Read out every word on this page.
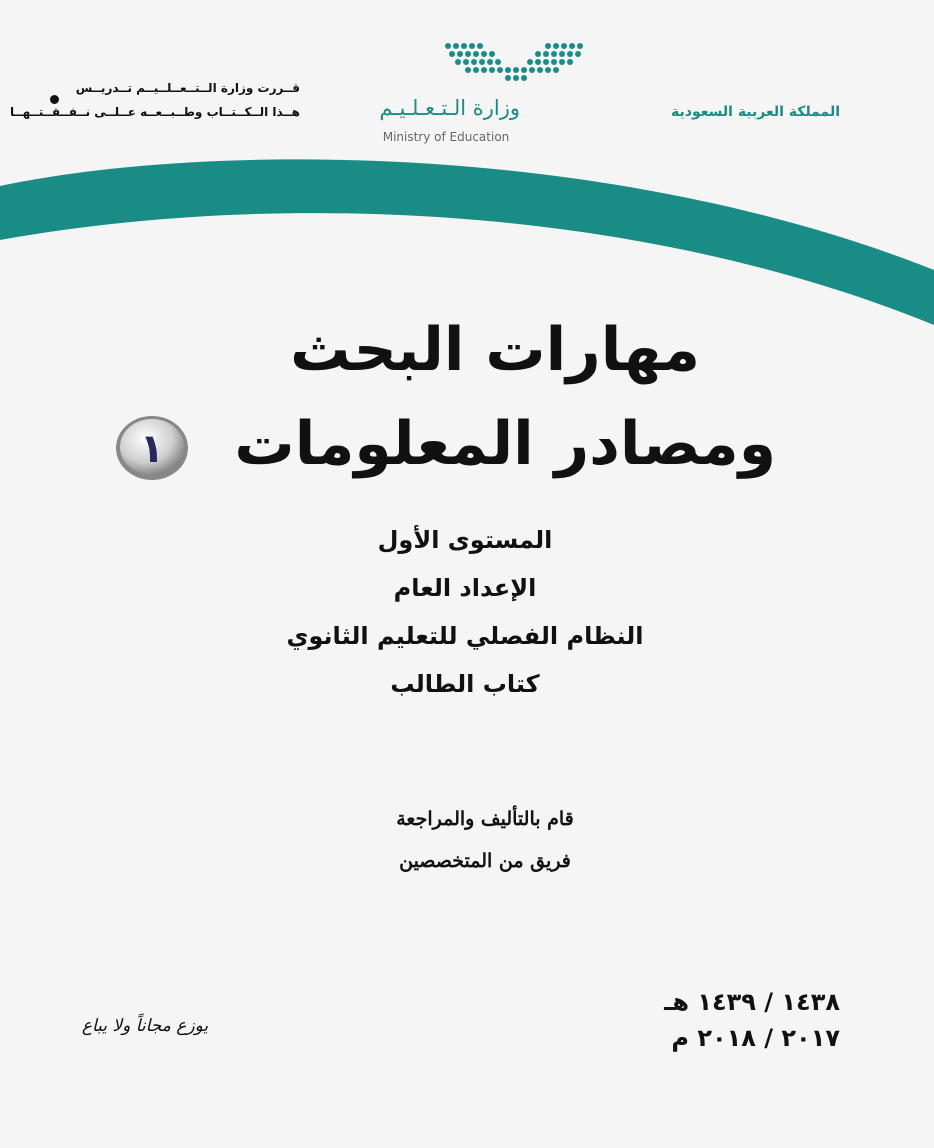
قــررت وزارة الــتــعــلــيــم تــدريــس
هــذا الــكــتــاب وطــبــعــه عــلــى نــفــقــتــهــا	وزارة الـتـعـلـيـم
Ministry of Education
المملكة العربية السعودية
مهارات البحث
ومصادر المعلومات
١
المستوى الأول
الإعداد العام
النظام الفصلي للتعليم الثانوي
كتاب الطالب
قام بالتأليف والمراجعة
فريق من المتخصصين
يوزع مجاناً ولا يباع
١٤٣٨ / ١٤٣٩ هـ
٢٠١٧ / ٢٠١٨ م
